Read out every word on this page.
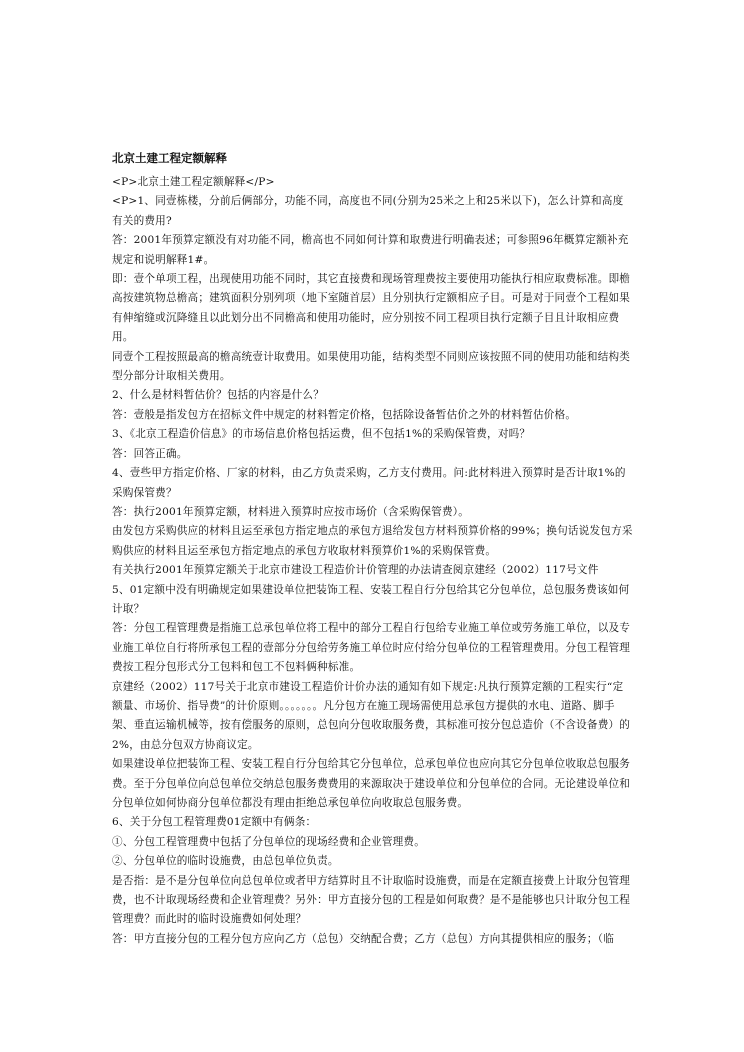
北京土建工程定额解释

<P>北京土建工程定额解释</P>

<P>1、同壹栋楼，分前后俩部分，功能不同，高度也不同(分别为25米之上和25米以下)，怎么计算和高度有关的费用?

答：2001年预算定额没有对功能不同，檐高也不同如何计算和取费进行明确表述；可参照96年概算定额补充规定和说明解释1#。

即：壹个单项工程，出现使用功能不同时，其它直接费和现场管理费按主要使用功能执行相应取费标准。即檐高按建筑物总檐高；建筑面积分别列项（地下室随首层）且分别执行定额相应子目。可是对于同壹个工程如果有伸缩缝或沉降缝且以此划分出不同檐高和使用功能时，应分别按不同工程项目执行定额子目且计取相应费用。

同壹个工程按照最高的檐高统壹计取费用。如果使用功能，结构类型不同则应该按照不同的使用功能和结构类型分部分计取相关费用。

2、什么是材料暂估价？包括的内容是什么？

答：壹般是指发包方在招标文件中规定的材料暂定价格，包括除设备暂估价之外的材料暂估价格。

3、《北京工程造价信息》的市场信息价格包括运费，但不包括1%的采购保管费，对吗？

答：回答正确。

4、壹些甲方指定价格、厂家的材料，由乙方负责采购，乙方支付费用。问:此材料进入预算时是否计取1%的采购保管费？

答：执行2001年预算定额，材料进入预算时应按市场价（含采购保管费）。

由发包方采购供应的材料且运至承包方指定地点的承包方退给发包方材料预算价格的99%；换句话说发包方采购供应的材料且运至承包方指定地点的承包方收取材料预算价1%的采购保管费。

有关执行2001年预算定额关于北京市建设工程造价计价管理的办法请查阅京建经（2002）117号文件

5、01定额中没有明确规定如果建设单位把装饰工程、安装工程自行分包给其它分包单位，总包服务费该如何计取？

答：分包工程管理费是指施工总承包单位将工程中的部分工程自行包给专业施工单位或劳务施工单位，以及专业施工单位自行将所承包工程的壹部分分包给劳务施工单位时应付给分包单位的工程管理费用。分包工程管理费按工程分包形式分工包料和包工不包料俩种标准。

京建经（2002）117号关于北京市建设工程造价计价办法的通知有如下规定:凡执行预算定额的工程实行“定额量、市场价、指导费”的计价原则。。。。。。。凡分包方在施工现场需使用总承包方提供的水电、道路、脚手架、垂直运输机械等，按有偿服务的原则，总包向分包收取服务费，其标准可按分包总造价（不含设备费）的2%，由总分包双方协商议定。

如果建设单位把装饰工程、安装工程自行分包给其它分包单位，总承包单位也应向其它分包单位收取总包服务费。至于分包单位向总包单位交纳总包服务费费用的来源取决于建设单位和分包单位的合同。无论建设单位和分包单位如何协商分包单位都没有理由拒绝总承包单位向收取总包服务费。

6、关于分包工程管理费01定额中有俩条：

①、分包工程管理费中包括了分包单位的现场经费和企业管理费。

②、分包单位的临时设施费，由总包单位负责。

是否指：是不是分包单位向总包单位或者甲方结算时且不计取临时设施费，而是在定额直接费上计取分包管理费，也不计取现场经费和企业管理费？另外：甲方直接分包的工程是如何取费？是不是能够也只计取分包工程管理费？而此时的临时设施费如何处理？

答：甲方直接分包的工程分包方应向乙方（总包）交纳配合费；乙方（总包）方向其提供相应的服务；（临
